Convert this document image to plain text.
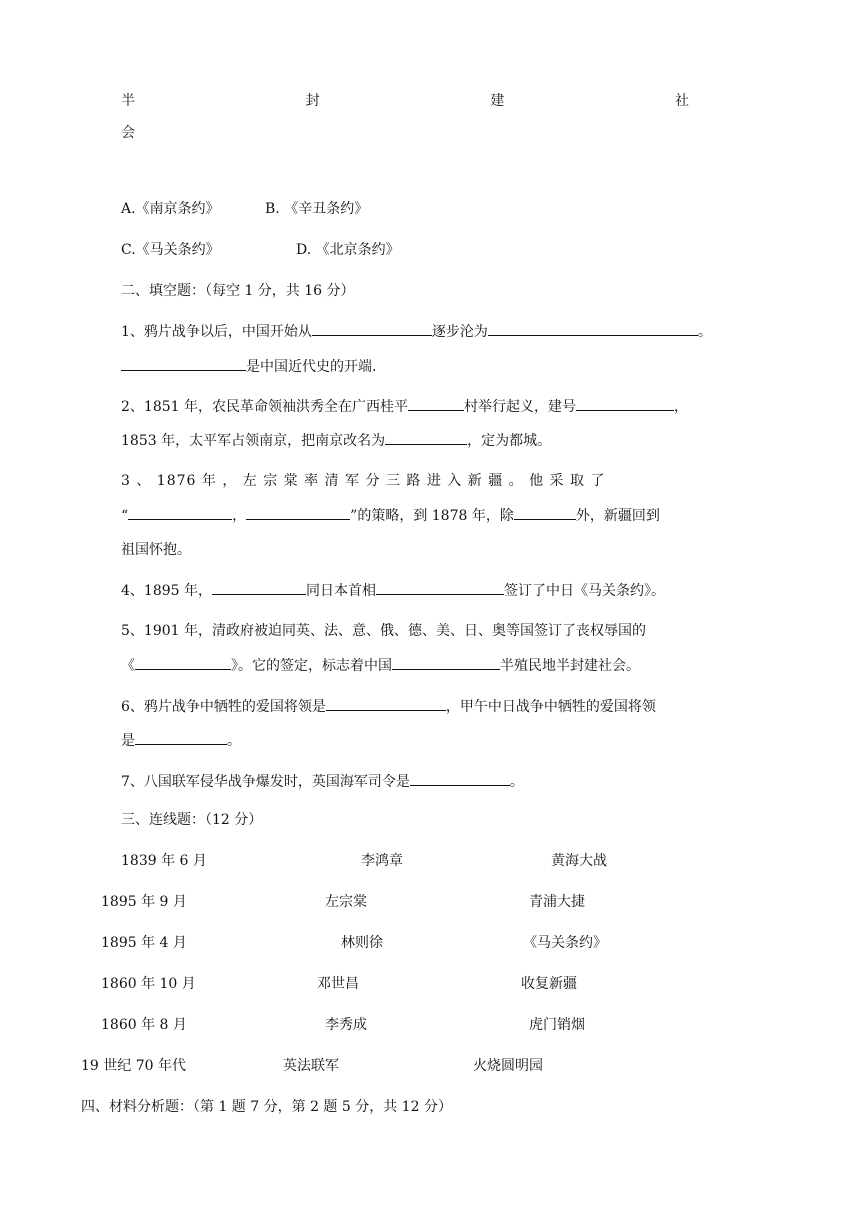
半	封	建	社
会
A.《南京条约》	B. 《辛丑条约》
C.《马关条约》	D. 《北京条约》
二、填空题：（每空 1 分，共 16 分）
1、鸦片战争以后，中国开始从	逐步沦为	。
是中国近代史的开端.
2、1851 年，农民革命领袖洪秀全在广西桂平	村举行起义，建号	，
1853 年，太平军占领南京，把南京改名为	，定为都城。
3 、 1876 年 ， 左 宗 棠 率 清 军 分 三 路 进 入 新 疆 。 他 采 取 了
“	，	”的策略，到 1878 年，除	外，新疆回到
祖国怀抱。
4、1895 年，	同日本首相	签订了中日《马关条约》。
5、1901 年，清政府被迫同英、法、意、俄、德、美、日、奥等国签订了丧权辱国的
《	》。它的签定，标志着中国	半殖民地半封建社会。
6、鸦片战争中牺牲的爱国将领是	，甲午中日战争中牺牲的爱国将领
是	。
7、八国联军侵华战争爆发时，英国海军司令是	。
三、连线题：（12 分）
1839 年 6 月	李鸿章	黄海大战
1895 年 9 月	左宗棠	青浦大捷
1895 年 4 月	林则徐	《马关条约》
1860 年 10 月	邓世昌	收复新疆
1860 年 8 月	李秀成	虎门销烟
19 世纪 70 年代	英法联军	火烧圆明园
四、材料分析题：（第 1 题 7 分，第 2 题 5 分，共 12 分）
